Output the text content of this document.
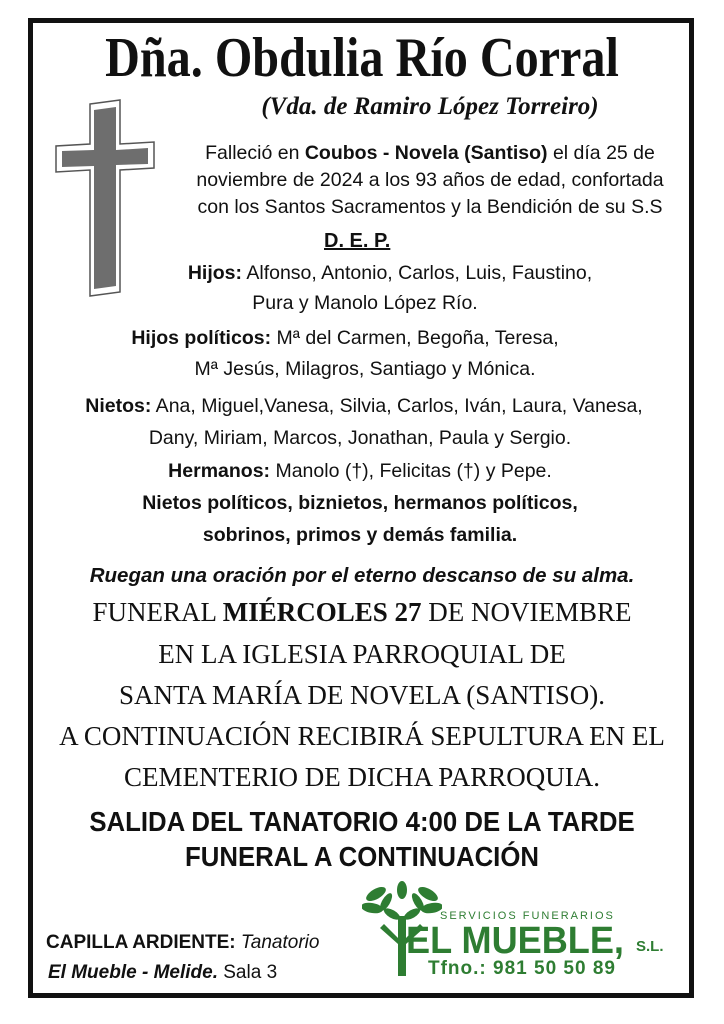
Dña. Obdulia Río Corral
(Vda. de Ramiro López Torreiro)
Falleció en Coubos - Novela (Santiso) el día 25 de
noviembre de 2024 a los 93 años de edad, confortada
con los Santos Sacramentos y la Bendición de su S.S
D. E. P.
Hijos: Alfonso, Antonio, Carlos, Luis, Faustino,
Pura y Manolo López Río.
Hijos políticos: Mª del Carmen, Begoña, Teresa,
Mª Jesús, Milagros, Santiago y Mónica.
Nietos: Ana, Miguel,Vanesa, Silvia, Carlos, Iván, Laura, Vanesa,
Dany, Miriam, Marcos, Jonathan, Paula y Sergio.
Hermanos: Manolo (†), Felicitas (†) y Pepe.
Nietos políticos, biznietos, hermanos políticos,
sobrinos, primos y demás familia.
Ruegan una oración por el eterno descanso de su alma.
FUNERAL MIÉRCOLES 27 DE NOVIEMBRE
EN LA IGLESIA PARROQUIAL DE
SANTA MARÍA DE NOVELA (SANTISO).
A CONTINUACIÓN RECIBIRÁ SEPULTURA EN EL
CEMENTERIO DE DICHA PARROQUIA.
SALIDA DEL TANATORIO 4:00 DE LA TARDE
FUNERAL A CONTINUACIÓN
CAPILLA ARDIENTE: Tanatorio
El Mueble - Melide. Sala 3
SERVICIOS FUNERARIOS
EL MUEBLE, S.L.
Tfno.: 981 50 50 89
